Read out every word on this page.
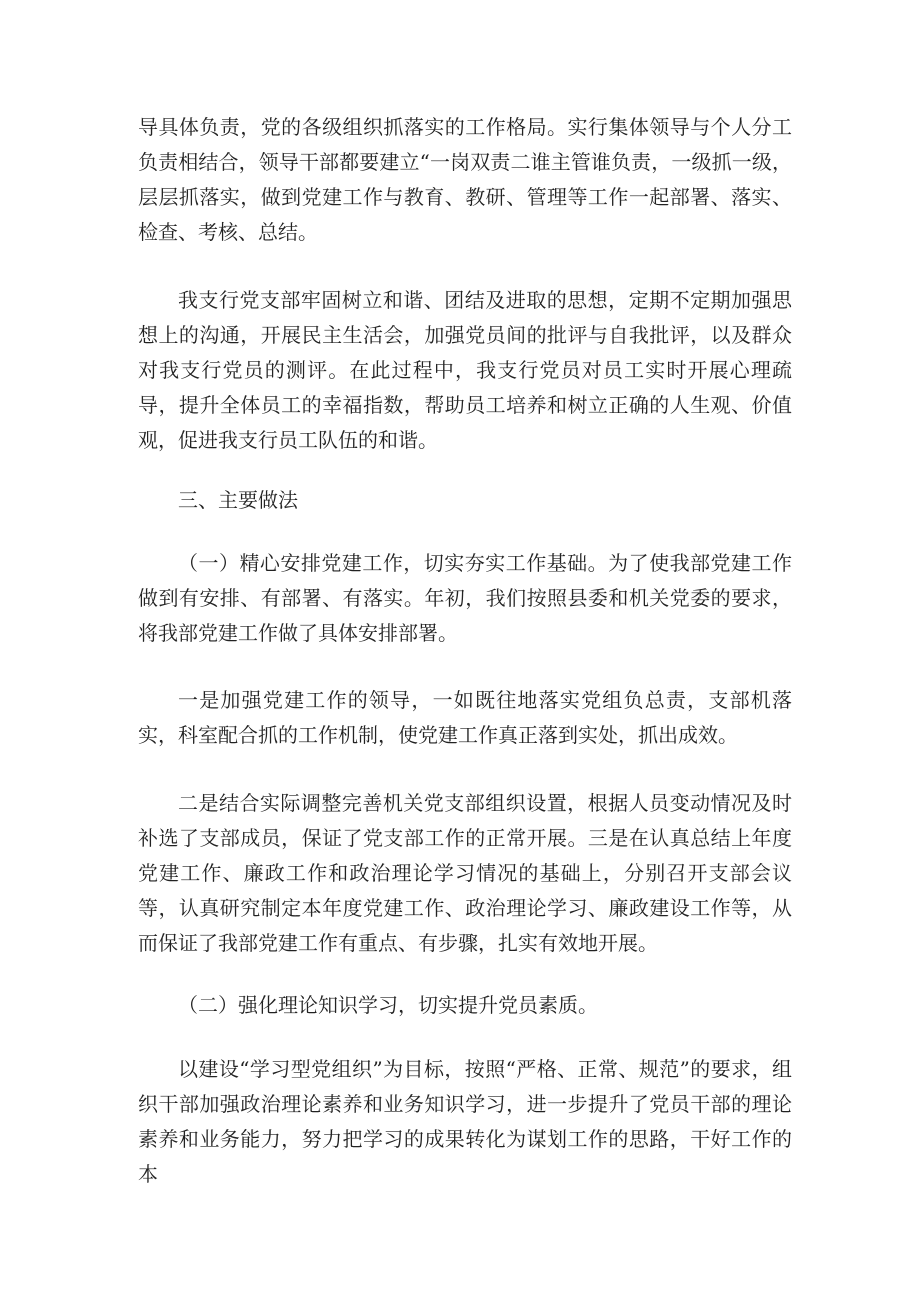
导具体负责，党的各级组织抓落实的工作格局。实行集体领导与个人分工负责相结合，领导干部都要建立“一岗双责二谁主管谁负责，一级抓一级，层层抓落实，做到党建工作与教育、教研、管理等工作一起部署、落实、检查、考核、总结。

我支行党支部牢固树立和谐、团结及进取的思想，定期不定期加强思想上的沟通，开展民主生活会，加强党员间的批评与自我批评，以及群众对我支行党员的测评。在此过程中，我支行党员对员工实时开展心理疏导，提升全体员工的幸福指数，帮助员工培养和树立正确的人生观、价值观，促进我支行员工队伍的和谐。

三、主要做法

（一）精心安排党建工作，切实夯实工作基础。为了使我部党建工作做到有安排、有部署、有落实。年初，我们按照县委和机关党委的要求，将我部党建工作做了具体安排部署。

一是加强党建工作的领导，一如既往地落实党组负总责，支部机落实，科室配合抓的工作机制，使党建工作真正落到实处，抓出成效。

二是结合实际调整完善机关党支部组织设置，根据人员变动情况及时补选了支部成员，保证了党支部工作的正常开展。三是在认真总结上年度党建工作、廉政工作和政治理论学习情况的基础上，分别召开支部会议等，认真研究制定本年度党建工作、政治理论学习、廉政建设工作等，从而保证了我部党建工作有重点、有步骤，扎实有效地开展。

（二）强化理论知识学习，切实提升党员素质。

以建设“学习型党组织”为目标，按照“严格、正常、规范”的要求，组织干部加强政治理论素养和业务知识学习，进一步提升了党员干部的理论素养和业务能力，努力把学习的成果转化为谋划工作的思路，干好工作的本
